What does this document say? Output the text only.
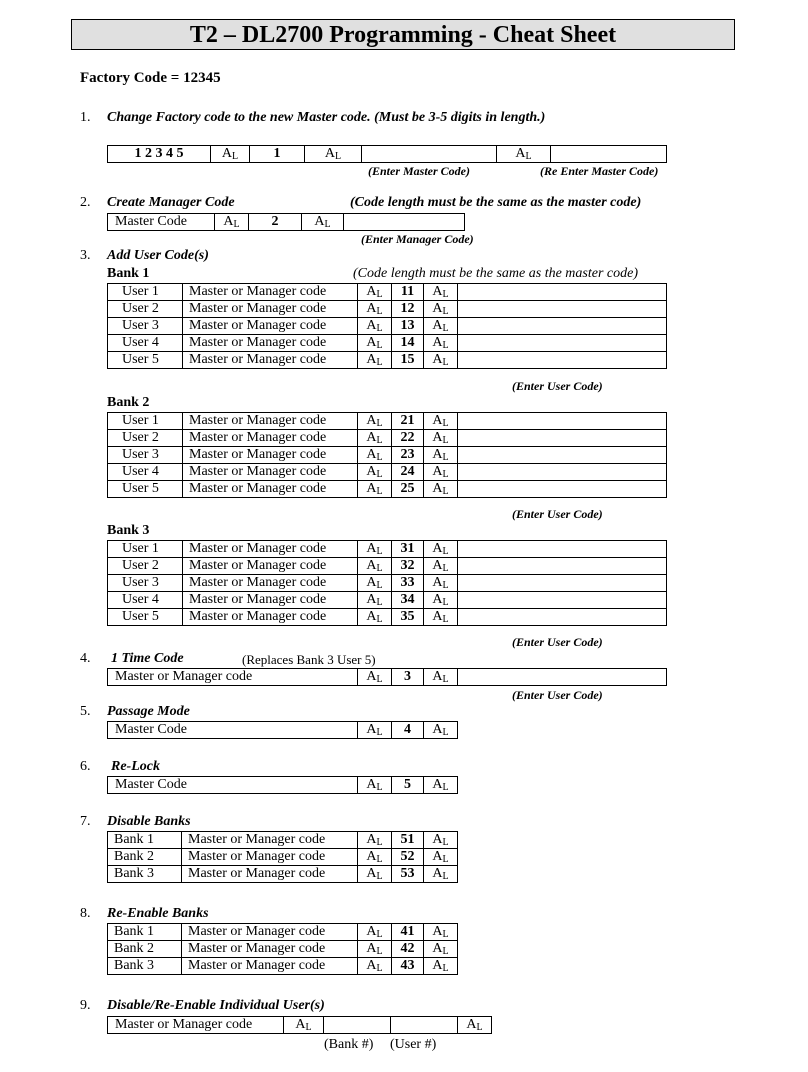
T2 – DL2700 Programming - Cheat Sheet
Factory Code = 12345
1. Change Factory code to the new Master code. (Must be 3-5 digits in length.)
1 2 3 4 5	$A_L$	1	$A_L$		$A_L$	
(Enter Master Code)	(Re Enter Master Code)
2. Create Manager Code	(Code length must be the same as the master code)
Master Code	$A_L$	2	$A_L$	
(Enter Manager Code)
3. Add User Code(s)
(Code length must be the same as the master code)
Bank 1
User 1	Master or Manager code	$A_L$	11	$A_L$	
User 2	Master or Manager code	$A_L$	12	$A_L$	
User 3	Master or Manager code	$A_L$	13	$A_L$	
User 4	Master or Manager code	$A_L$	14	$A_L$	
User 5	Master or Manager code	$A_L$	15	$A_L$	
(Enter User Code)
Bank 2
User 1	Master or Manager code	$A_L$	21	$A_L$	
User 2	Master or Manager code	$A_L$	22	$A_L$	
User 3	Master or Manager code	$A_L$	23	$A_L$	
User 4	Master or Manager code	$A_L$	24	$A_L$	
User 5	Master or Manager code	$A_L$	25	$A_L$	
(Enter User Code)
Bank 3
User 1	Master or Manager code	$A_L$	31	$A_L$	
User 2	Master or Manager code	$A_L$	32	$A_L$	
User 3	Master or Manager code	$A_L$	33	$A_L$	
User 4	Master or Manager code	$A_L$	34	$A_L$	
User 5	Master or Manager code	$A_L$	35	$A_L$	
(Enter User Code)
4. 1 Time Code	(Replaces Bank 3 User 5)
Master or Manager code	$A_L$	3	$A_L$	
(Enter User Code)
5. Passage Mode
Master Code	$A_L$	4	$A_L$
6. Re-Lock
Master Code	$A_L$	5	$A_L$
7. Disable Banks
Bank 1	Master or Manager code	$A_L$	51	$A_L$
Bank 2	Master or Manager code	$A_L$	52	$A_L$
Bank 3	Master or Manager code	$A_L$	53	$A_L$
8. Re-Enable Banks
Bank 1	Master or Manager code	$A_L$	41	$A_L$
Bank 2	Master or Manager code	$A_L$	42	$A_L$
Bank 3	Master or Manager code	$A_L$	43	$A_L$
9. Disable/Re-Enable Individual User(s)
Master or Manager code	$A_L$			$A_L$
(Bank #) (User #)
